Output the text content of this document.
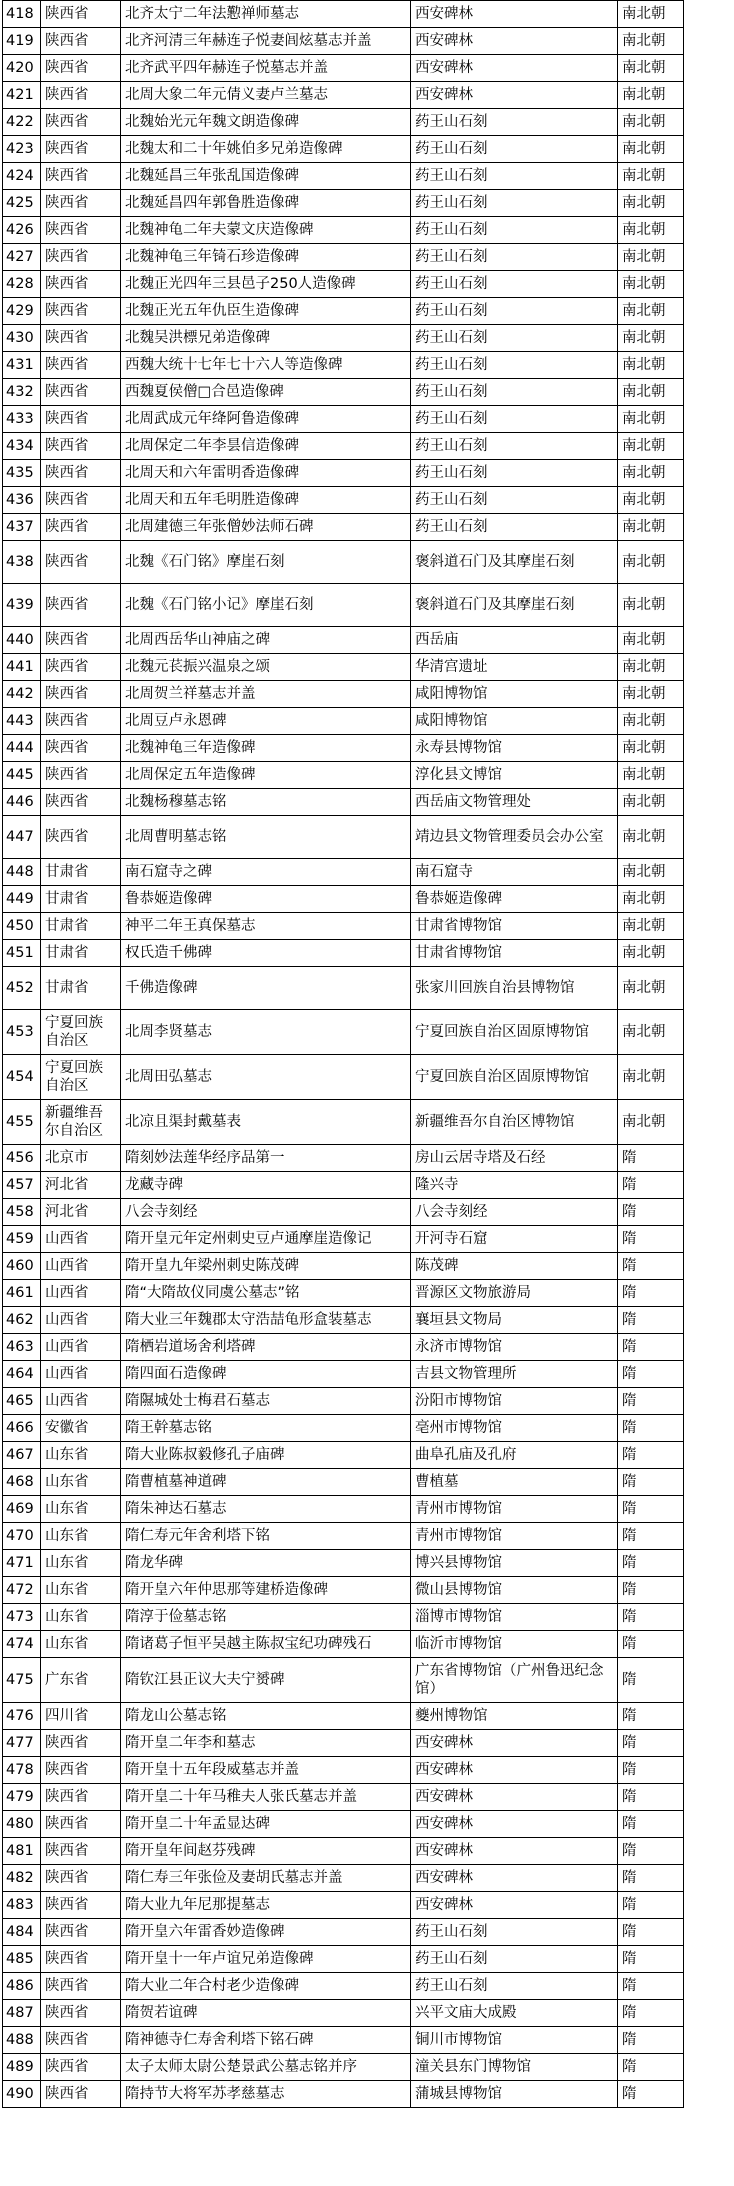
418	陕西省	北齐太宁二年法懃禅师墓志	西安碑林	南北朝
419	陕西省	北齐河清三年赫连子悦妻闾炫墓志并盖	西安碑林	南北朝
420	陕西省	北齐武平四年赫连子悦墓志并盖	西安碑林	南北朝
421	陕西省	北周大象二年元倩义妻卢兰墓志	西安碑林	南北朝
422	陕西省	北魏始光元年魏文朗造像碑	药王山石刻	南北朝
423	陕西省	北魏太和二十年姚伯多兄弟造像碑	药王山石刻	南北朝
424	陕西省	北魏延昌三年张乱国造像碑	药王山石刻	南北朝
425	陕西省	北魏延昌四年郭鲁胜造像碑	药王山石刻	南北朝
426	陕西省	北魏神龟二年夫蒙文庆造像碑	药王山石刻	南北朝
427	陕西省	北魏神龟三年锜石珍造像碑	药王山石刻	南北朝
428	陕西省	北魏正光四年三县邑子250人造像碑	药王山石刻	南北朝
429	陕西省	北魏正光五年仇臣生造像碑	药王山石刻	南北朝
430	陕西省	北魏吴洪標兄弟造像碑	药王山石刻	南北朝
431	陕西省	西魏大统十七年七十六人等造像碑	药王山石刻	南北朝
432	陕西省	西魏夏侯僧□合邑造像碑	药王山石刻	南北朝
433	陕西省	北周武成元年绛阿鲁造像碑	药王山石刻	南北朝
434	陕西省	北周保定二年李昙信造像碑	药王山石刻	南北朝
435	陕西省	北周天和六年雷明香造像碑	药王山石刻	南北朝
436	陕西省	北周天和五年毛明胜造像碑	药王山石刻	南北朝
437	陕西省	北周建德三年张僧妙法师石碑	药王山石刻	南北朝
438	陕西省	北魏《石门铭》摩崖石刻	褒斜道石门及其摩崖石刻	南北朝
439	陕西省	北魏《石门铭小记》摩崖石刻	褒斜道石门及其摩崖石刻	南北朝
440	陕西省	北周西岳华山神庙之碑	西岳庙	南北朝
441	陕西省	北魏元苌振兴温泉之颂	华清宫遗址	南北朝
442	陕西省	北周贺兰祥墓志并盖	咸阳博物馆	南北朝
443	陕西省	北周豆卢永恩碑	咸阳博物馆	南北朝
444	陕西省	北魏神龟三年造像碑	永寿县博物馆	南北朝
445	陕西省	北周保定五年造像碑	淳化县文博馆	南北朝
446	陕西省	北魏杨穆墓志铭	西岳庙文物管理处	南北朝
447	陕西省	北周曹明墓志铭	靖边县文物管理委员会办公室	南北朝
448	甘肃省	南石窟寺之碑	南石窟寺	南北朝
449	甘肃省	鲁恭姬造像碑	鲁恭姬造像碑	南北朝
450	甘肃省	神平二年王真保墓志	甘肃省博物馆	南北朝
451	甘肃省	权氏造千佛碑	甘肃省博物馆	南北朝
452	甘肃省	千佛造像碑	张家川回族自治县博物馆	南北朝
453	宁夏回族自治区	北周李贤墓志	宁夏回族自治区固原博物馆	南北朝
454	宁夏回族自治区	北周田弘墓志	宁夏回族自治区固原博物馆	南北朝
455	新疆维吾尔自治区	北凉且渠封戴墓表	新疆维吾尔自治区博物馆	南北朝
456	北京市	隋刻妙法莲华经序品第一	房山云居寺塔及石经	隋
457	河北省	龙藏寺碑	隆兴寺	隋
458	河北省	八会寺刻经	八会寺刻经	隋
459	山西省	隋开皇元年定州刺史豆卢通摩崖造像记	开河寺石窟	隋
460	山西省	隋开皇九年梁州刺史陈茂碑	陈茂碑	隋
461	山西省	隋“大隋故仪同虞公墓志”铭	晋源区文物旅游局	隋
462	山西省	隋大业三年魏郡太守浩喆龟形盒装墓志	襄垣县文物局	隋
463	山西省	隋栖岩道场舍利塔碑	永济市博物馆	隋
464	山西省	隋四面石造像碑	吉县文物管理所	隋
465	山西省	隋隰城处士梅君石墓志	汾阳市博物馆	隋
466	安徽省	隋王幹墓志铭	亳州市博物馆	隋
467	山东省	隋大业陈叔毅修孔子庙碑	曲阜孔庙及孔府	隋
468	山东省	隋曹植墓神道碑	曹植墓	隋
469	山东省	隋朱神达石墓志	青州市博物馆	隋
470	山东省	隋仁寿元年舍利塔下铭	青州市博物馆	隋
471	山东省	隋龙华碑	博兴县博物馆	隋
472	山东省	隋开皇六年仲思那等建桥造像碑	微山县博物馆	隋
473	山东省	隋淳于俭墓志铭	淄博市博物馆	隋
474	山东省	隋诸葛子恒平吴越主陈叔宝纪功碑残石	临沂市博物馆	隋
475	广东省	隋钦江县正议大夫宁赟碑	广东省博物馆（广州鲁迅纪念馆）	隋
476	四川省	隋龙山公墓志铭	夔州博物馆	隋
477	陕西省	隋开皇二年李和墓志	西安碑林	隋
478	陕西省	隋开皇十五年段威墓志并盖	西安碑林	隋
479	陕西省	隋开皇二十年马稚夫人张氏墓志并盖	西安碑林	隋
480	陕西省	隋开皇二十年孟显达碑	西安碑林	隋
481	陕西省	隋开皇年间赵芬残碑	西安碑林	隋
482	陕西省	隋仁寿三年张俭及妻胡氏墓志并盖	西安碑林	隋
483	陕西省	隋大业九年尼那提墓志	西安碑林	隋
484	陕西省	隋开皇六年雷香妙造像碑	药王山石刻	隋
485	陕西省	隋开皇十一年卢谊兄弟造像碑	药王山石刻	隋
486	陕西省	隋大业二年合村老少造像碑	药王山石刻	隋
487	陕西省	隋贺若谊碑	兴平文庙大成殿	隋
488	陕西省	隋神德寺仁寿舍利塔下铭石碑	铜川市博物馆	隋
489	陕西省	太子太师太尉公楚景武公墓志铭并序	潼关县东门博物馆	隋
490	陕西省	隋持节大将军苏孝慈墓志	蒲城县博物馆	隋
